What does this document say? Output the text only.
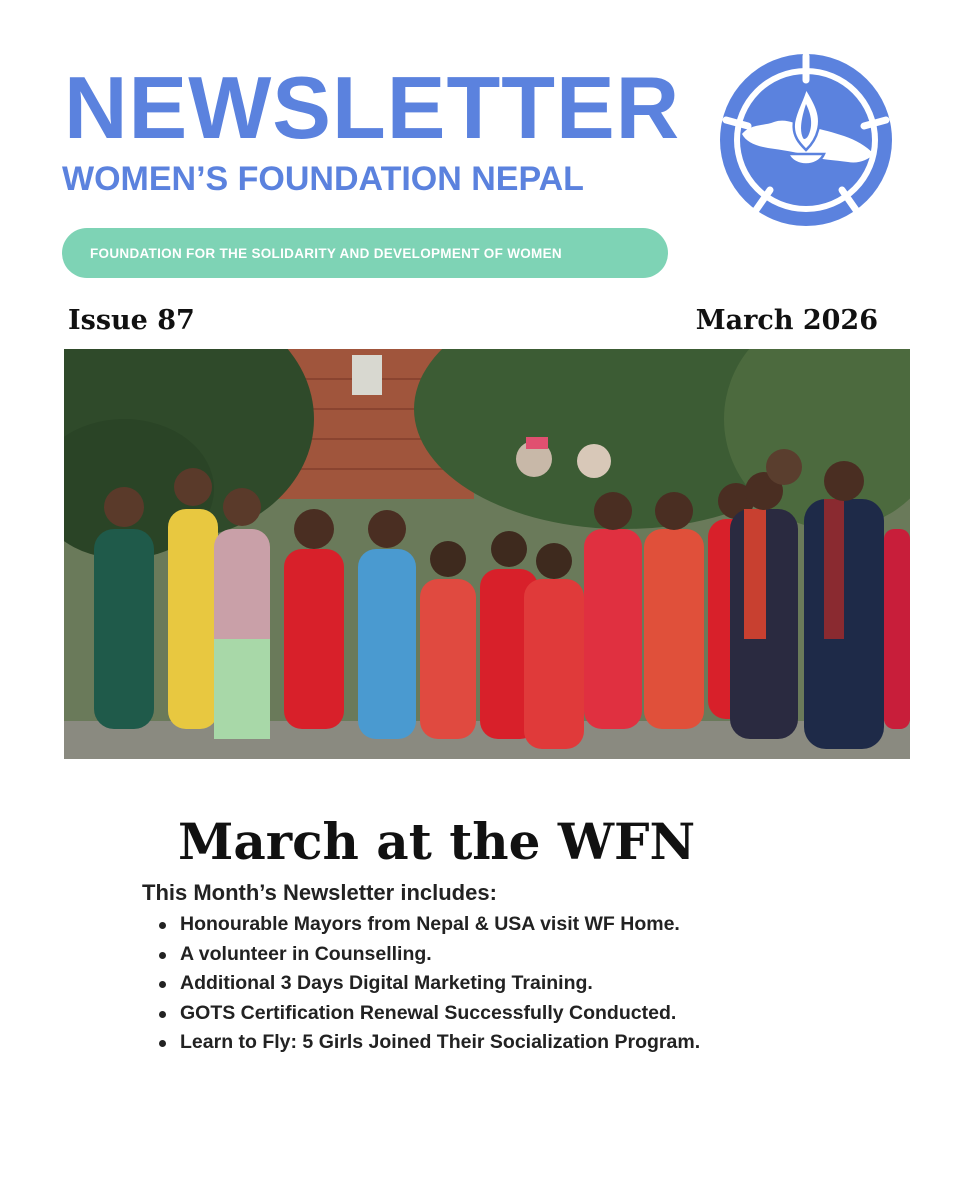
NEWSLETTER
WOMEN’S FOUNDATION NEPAL
FOUNDATION FOR THE SOLIDARITY AND DEVELOPMENT OF WOMEN

Issue 87	March 2026

March at the WFN

This Month’s Newsletter includes:

Honourable Mayors from Nepal & USA visit WF Home.
A volunteer in Counselling.
Additional 3 Days Digital Marketing Training.
GOTS Certification Renewal Successfully Conducted.
Learn to Fly: 5 Girls Joined Their Socialization Program.
